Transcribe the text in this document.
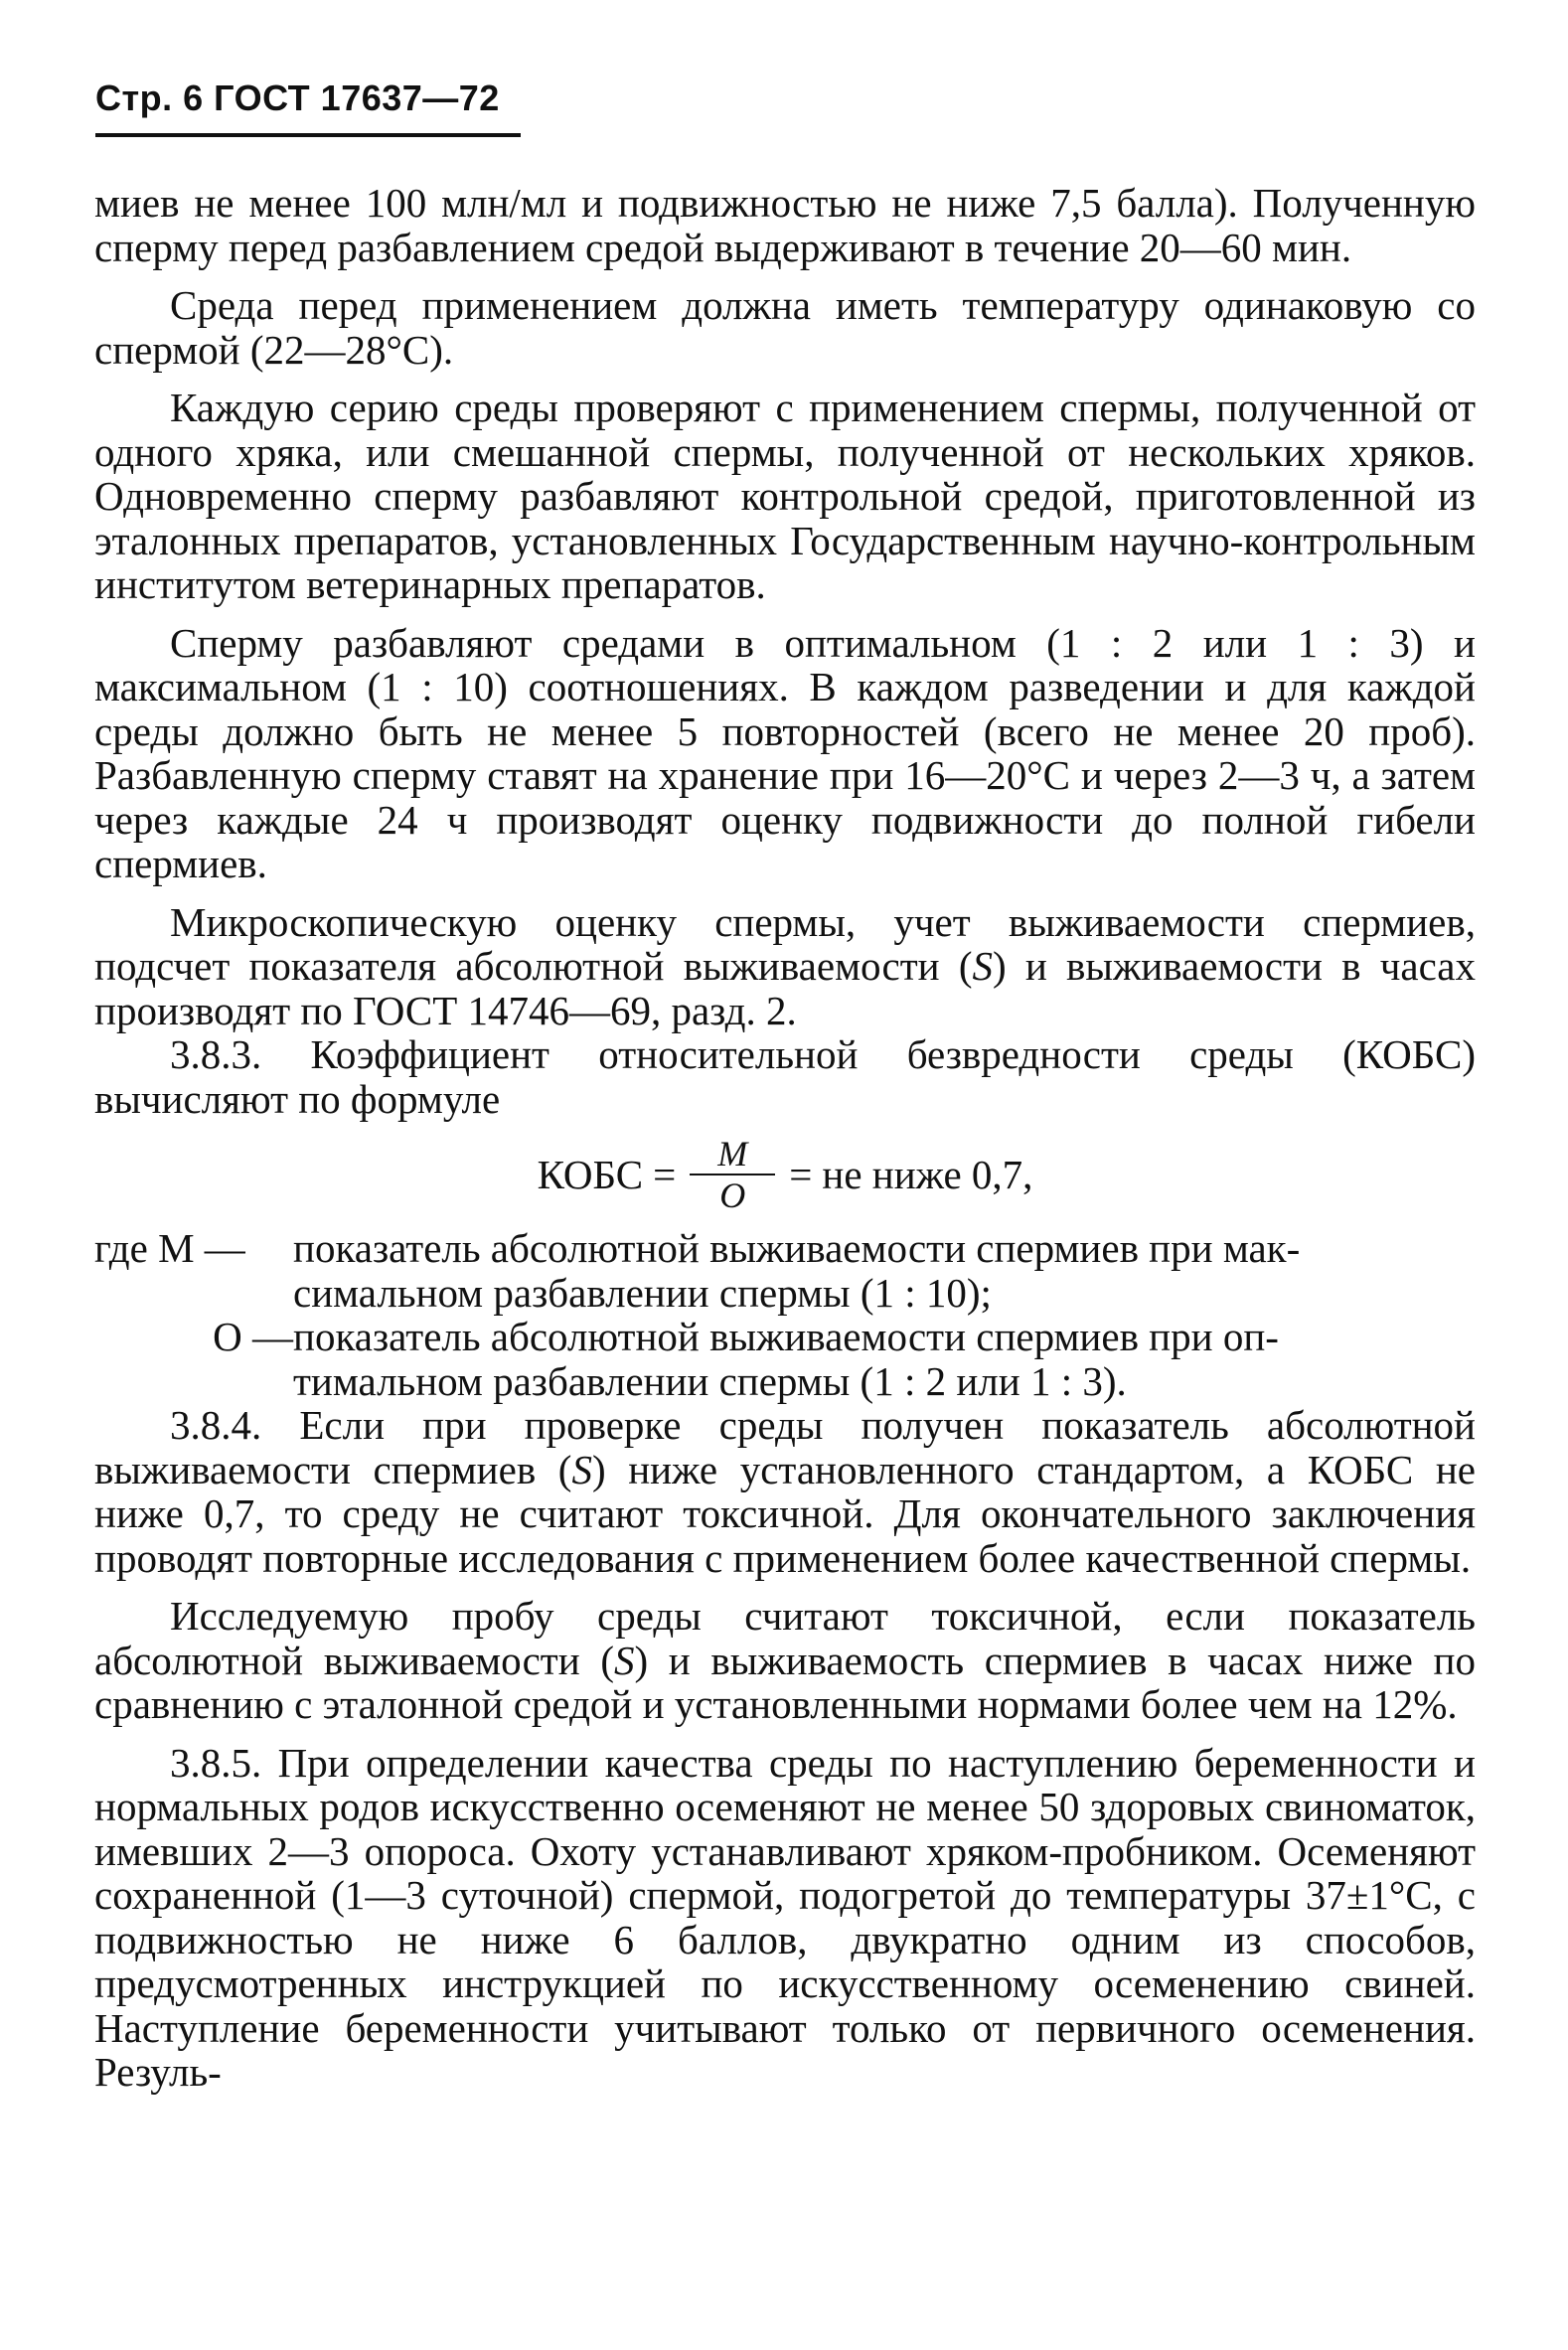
Стр. 6 ГОСТ 17637—72

миев не менее 100 млн/мл и подвижностью не ниже 7,5 балла). Полученную сперму перед разбавлением средой выдерживают в течение 20—60 мин.

Среда перед применением должна иметь температуру одинаковую со спермой (22—28°С).

Каждую серию среды проверяют с применением спермы, полученной от одного хряка, или смешанной спермы, полученной от нескольких хряков. Одновременно сперму разбавляют контрольной средой, приготовленной из эталонных препаратов, установленных Государственным научно-контрольным институтом ветеринарных препаратов.

Сперму разбавляют средами в оптимальном (1 : 2 или 1 : 3) и максимальном (1 : 10) соотношениях. В каждом разведении и для каждой среды должно быть не менее 5 повторностей (всего не менее 20 проб). Разбавленную сперму ставят на хранение при 16—20°С и через 2—3 ч, а затем через каждые 24 ч производят оценку подвижности до полной гибели спермиев.

Микроскопическую оценку спермы, учет выживаемости спермиев, подсчет показателя абсолютной выживаемости (S) и выживаемости в часах производят по ГОСТ 14746—69, разд. 2.

3.8.3. Коэффициент относительной безвредности среды (КОБС) вычисляют по формуле

КОБС = $\frac{М}{О}$ = не ниже 0,7,
где М —	показатель абсолютной выживаемости спермиев при мак-
симальном разбавлении спермы (1 : 10);
О — показатель абсолютной выживаемости спермиев при оп-
тимальном разбавлении спермы (1 : 2 или 1 : 3).

3.8.4. Если при проверке среды получен показатель абсолютной выживаемости спермиев (S) ниже установленного стандартом, а КОБС не ниже 0,7, то среду не считают токсичной. Для окончательного заключения проводят повторные исследования с применением более качественной спермы.

Исследуемую пробу среды считают токсичной, если показатель абсолютной выживаемости (S) и выживаемость спермиев в часах ниже по сравнению с эталонной средой и установленными нормами более чем на 12%.

3.8.5. При определении качества среды по наступлению беременности и нормальных родов искусственно осеменяют не менее 50 здоровых свиноматок, имевших 2—3 опороса. Охоту устанавливают хряком-пробником. Осеменяют сохраненной (1—3 суточной) спермой, подогретой до температуры 37±1°С, с подвижностью не ниже 6 баллов, двукратно одним из способов, предусмотренных инструкцией по искусственному осеменению свиней. Наступление беременности учитывают только от первичного осеменения. Резуль-
